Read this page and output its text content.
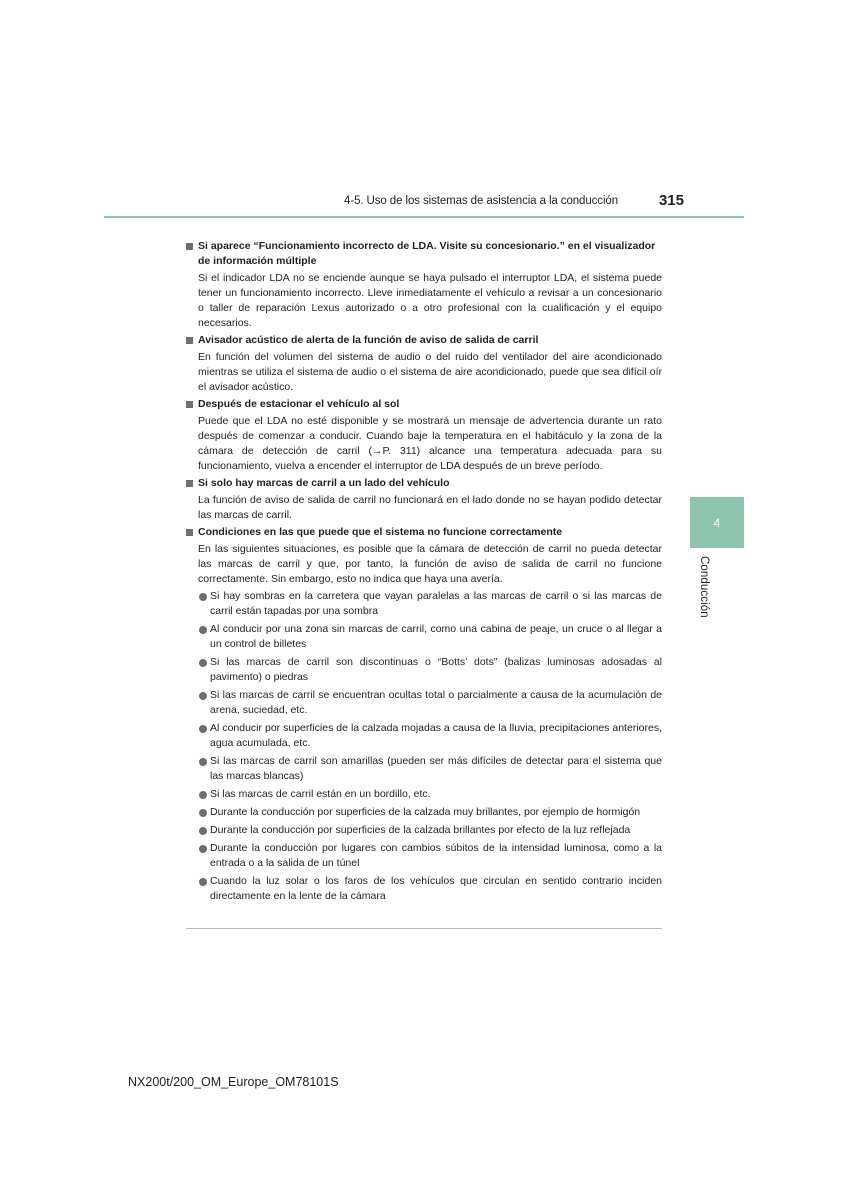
4-5. Uso de los sistemas de asistencia a la conducción	315
Si aparece “Funcionamiento incorrecto de LDA. Visite su concesionario.” en el visualizador de información múltiple
Si el indicador LDA no se enciende aunque se haya pulsado el interruptor LDA, el sistema puede tener un funcionamiento incorrecto. Lleve inmediatamente el vehículo a revisar a un concesionario o taller de reparación Lexus autorizado o a otro profesional con la cualificación y el equipo necesarios.
Avisador acústico de alerta de la función de aviso de salida de carril
En función del volumen del sistema de audio o del ruido del ventilador del aire acondicionado mientras se utiliza el sistema de audio o el sistema de aire acondicionado, puede que sea difícil oír el avisador acústico.
Después de estacionar el vehículo al sol
Puede que el LDA no esté disponible y se mostrará un mensaje de advertencia durante un rato después de comenzar a conducir. Cuando baje la temperatura en el habitáculo y la zona de la cámara de detección de carril (→P. 311) alcance una temperatura adecuada para su funcionamiento, vuelva a encender el interruptor de LDA después de un breve período.
Si solo hay marcas de carril a un lado del vehículo
La función de aviso de salida de carril no funcionará en el lado donde no se hayan podido detectar las marcas de carril.
Condiciones en las que puede que el sistema no funcione correctamente
En las siguientes situaciones, es posible que la cámara de detección de carril no pueda detectar las marcas de carril y que, por tanto, la función de aviso de salida de carril no funcione correctamente. Sin embargo, esto no indica que haya una avería.
Si hay sombras en la carretera que vayan paralelas a las marcas de carril o si las marcas de carril están tapadas por una sombra
Al conducir por una zona sin marcas de carril, como una cabina de peaje, un cruce o al llegar a un control de billetes
Si las marcas de carril son discontinuas o “Botts’ dots” (balizas luminosas adosadas al pavimento) o piedras
Si las marcas de carril se encuentran ocultas total o parcialmente a causa de la acumulación de arena, suciedad, etc.
Al conducir por superficies de la calzada mojadas a causa de la lluvia, precipitaciones anteriores, agua acumulada, etc.
Si las marcas de carril son amarillas (pueden ser más difíciles de detectar para el sistema que las marcas blancas)
Si las marcas de carril están en un bordillo, etc.
Durante la conducción por superficies de la calzada muy brillantes, por ejemplo de hormigón
Durante la conducción por superficies de la calzada brillantes por efecto de la luz reflejada
Durante la conducción por lugares con cambios súbitos de la intensidad luminosa, como a la entrada o a la salida de un túnel
Cuando la luz solar o los faros de los vehículos que circulan en sentido contrario inciden directamente en la lente de la cámara
4
Conducción
NX200t/200_OM_Europe_OM78101S
